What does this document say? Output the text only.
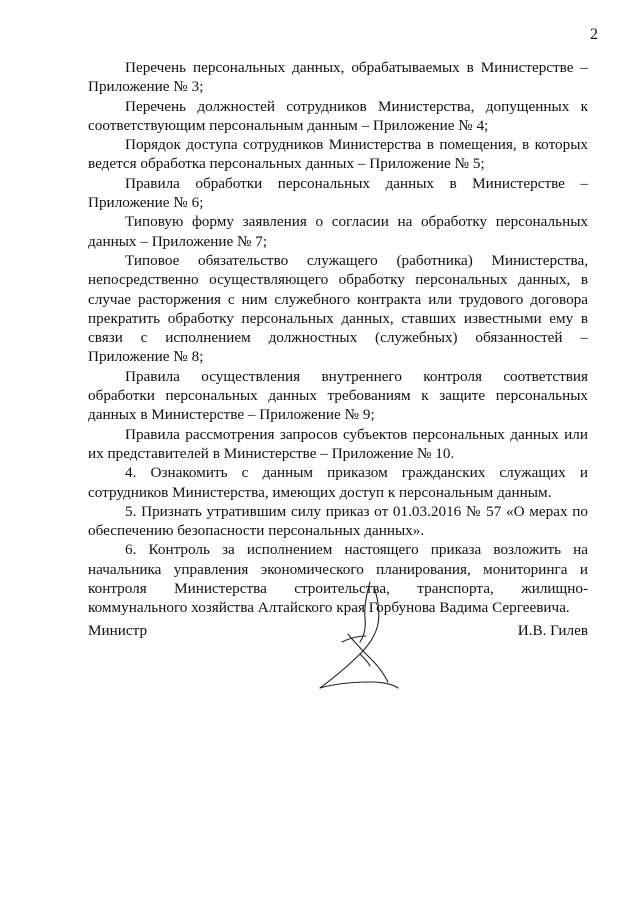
2

Перечень персональных данных, обрабатываемых в Министерстве – Приложение № 3;

Перечень должностей сотрудников Министерства, допущенных к соответствующим персональным данным – Приложение № 4;

Порядок доступа сотрудников Министерства в помещения, в которых ведется обработка персональных данных – Приложение № 5;

Правила обработки персональных данных в Министерстве – Приложение № 6;

Типовую форму заявления о согласии на обработку персональных данных – Приложение № 7;

Типовое обязательство служащего (работника) Министерства, непосредственно осуществляющего обработку персональных данных, в случае расторжения с ним служебного контракта или трудового договора прекратить обработку персональных данных, ставших известными ему в связи с исполнением должностных (служебных) обязанностей – Приложение № 8;

Правила осуществления внутреннего контроля соответствия обработки персональных данных требованиям к защите персональных данных в Министерстве – Приложение № 9;

Правила рассмотрения запросов субъектов персональных данных или их представителей в Министерстве – Приложение № 10.

4. Ознакомить с данным приказом гражданских служащих и сотрудников Министерства, имеющих доступ к персональным данным.

5. Признать утратившим силу приказ от 01.03.2016 № 57 «О мерах по обеспечению безопасности персональных данных».

6. Контроль за исполнением настоящего приказа возложить на начальника управления экономического планирования, мониторинга и контроля Министерства строительства, транспорта, жилищно-коммунального хозяйства Алтайского края Горбунова Вадима Сергеевича.

Министр	И.В. Гилев
